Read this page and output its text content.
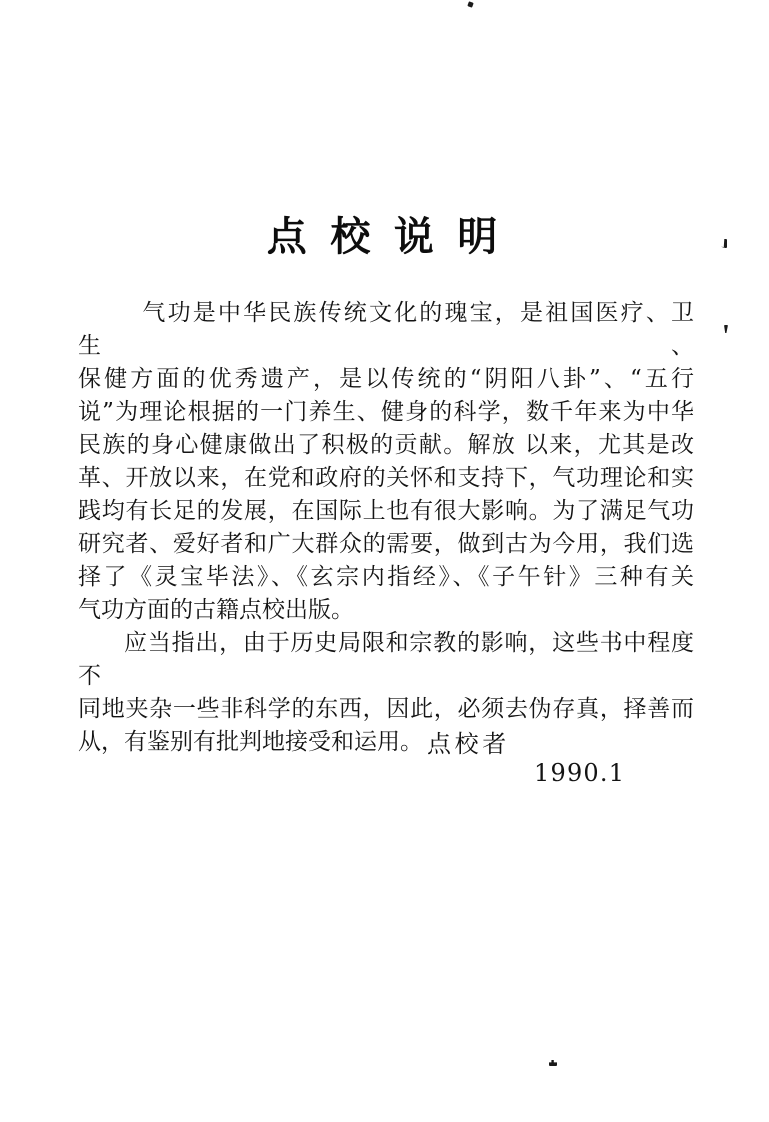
点 校 说 明
气功是中华民族传统文化的瑰宝，是祖国医疗、卫生、
保健方面的优秀遗产，是以传统的“阴阳八卦”、“五行
说”为理论根据的一门养生、健身的科学，数千年来为中华
民族的身心健康做出了积极的贡献。解放 以来，尤其是改
革、开放以来，在党和政府的关怀和支持下，气功理论和实
践均有长足的发展，在国际上也有很大影响。为了满足气功
研究者、爱好者和广大群众的需要，做到古为今用，我们选
择了《灵宝毕法》、《玄宗内指经》、《子午针》三种有关
气功方面的古籍点校出版。
应当指出，由于历史局限和宗教的影响，这些书中程度不
同地夹杂一些非科学的东西，因此，必须去伪存真，择善而
从，有鉴别有批判地接受和运用。 点校者
1990.1
